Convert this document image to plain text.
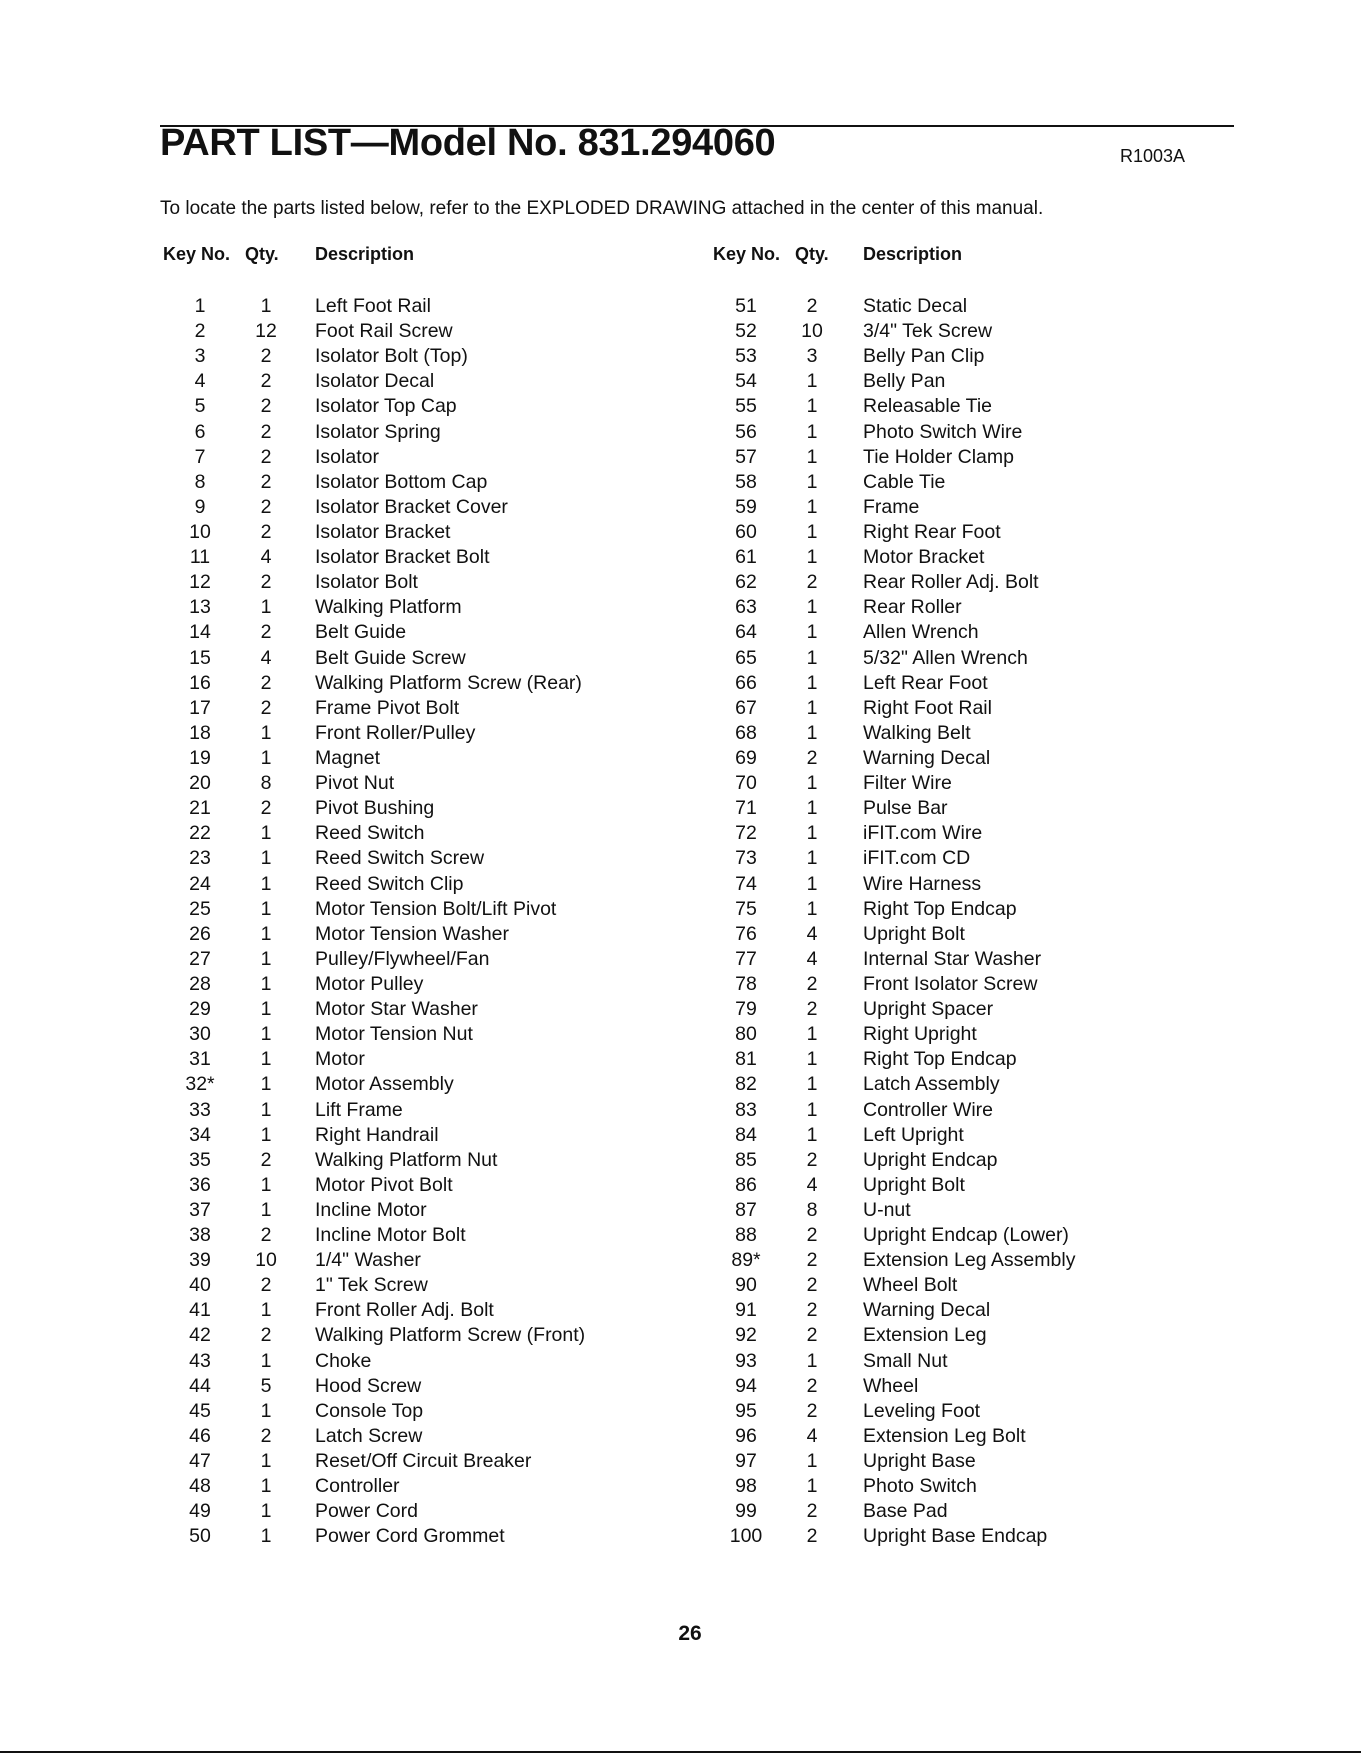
PART LIST—Model No. 831.294060	R1003A
To locate the parts listed below, refer to the EXPLODED DRAWING attached in the center of this manual.
Key No. Qty. Description
1	1	Left Foot Rail
2	12	Foot Rail Screw
3	2	Isolator Bolt (Top)
4	2	Isolator Decal
5	2	Isolator Top Cap
6	2	Isolator Spring
7	2	Isolator
8	2	Isolator Bottom Cap
9	2	Isolator Bracket Cover
10	2	Isolator Bracket
11	4	Isolator Bracket Bolt
12	2	Isolator Bolt
13	1	Walking Platform
14	2	Belt Guide
15	4	Belt Guide Screw
16	2	Walking Platform Screw (Rear)
17	2	Frame Pivot Bolt
18	1	Front Roller/Pulley
19	1	Magnet
20	8	Pivot Nut
21	2	Pivot Bushing
22	1	Reed Switch
23	1	Reed Switch Screw
24	1	Reed Switch Clip
25	1	Motor Tension Bolt/Lift Pivot
26	1	Motor Tension Washer
27	1	Pulley/Flywheel/Fan
28	1	Motor Pulley
29	1	Motor Star Washer
30	1	Motor Tension Nut
31	1	Motor
32*	1	Motor Assembly
33	1	Lift Frame
34	1	Right Handrail
35	2	Walking Platform Nut
36	1	Motor Pivot Bolt
37	1	Incline Motor
38	2	Incline Motor Bolt
39	10	1/4" Washer
40	2	1" Tek Screw
41	1	Front Roller Adj. Bolt
42	2	Walking Platform Screw (Front)
43	1	Choke
44	5	Hood Screw
45	1	Console Top
46	2	Latch Screw
47	1	Reset/Off Circuit Breaker
48	1	Controller
49	1	Power Cord
50	1	Power Cord Grommet
Key No. Qty. Description
51	2	Static Decal
52	10	3/4" Tek Screw
53	3	Belly Pan Clip
54	1	Belly Pan
55	1	Releasable Tie
56	1	Photo Switch Wire
57	1	Tie Holder Clamp
58	1	Cable Tie
59	1	Frame
60	1	Right Rear Foot
61	1	Motor Bracket
62	2	Rear Roller Adj. Bolt
63	1	Rear Roller
64	1	Allen Wrench
65	1	5/32" Allen Wrench
66	1	Left Rear Foot
67	1	Right Foot Rail
68	1	Walking Belt
69	2	Warning Decal
70	1	Filter Wire
71	1	Pulse Bar
72	1	iFIT.com Wire
73	1	iFIT.com CD
74	1	Wire Harness
75	1	Right Top Endcap
76	4	Upright Bolt
77	4	Internal Star Washer
78	2	Front Isolator Screw
79	2	Upright Spacer
80	1	Right Upright
81	1	Right Top Endcap
82	1	Latch Assembly
83	1	Controller Wire
84	1	Left Upright
85	2	Upright Endcap
86	4	Upright Bolt
87	8	U-nut
88	2	Upright Endcap (Lower)
89*	2	Extension Leg Assembly
90	2	Wheel Bolt
91	2	Warning Decal
92	2	Extension Leg
93	1	Small Nut
94	2	Wheel
95	2	Leveling Foot
96	4	Extension Leg Bolt
97	1	Upright Base
98	1	Photo Switch
99	2	Base Pad
100	2	Upright Base Endcap
26
